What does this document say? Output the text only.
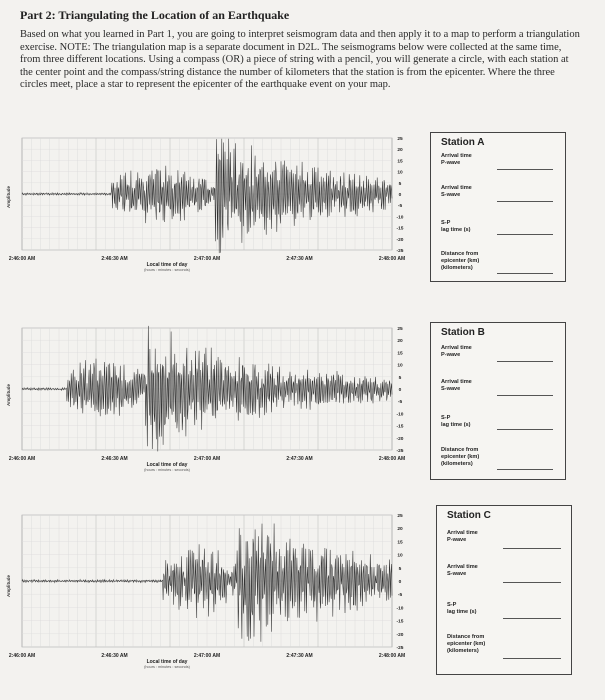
Part 2: Triangulating the Location of an Earthquake
Based on what you learned in Part 1, you are going to interpret seismogram data and then apply it to a map to perform a triangulation exercise. NOTE: The triangulation map is a separate document in D2L. The seismograms below were collected at the same time, from three different locations. Using a compass (OR) a piece of string with a pencil, you will generate a circle, with each station at the center point and the compass/string distance the number of kilometers that the station is from the epicenter. Where the three circles meet, place a star to represent the epicenter of the earthquake event on your map.
25
20
15
10
5
0
-5
-10
-15
-20
-25
2:46:00 AM	2:46:30 AM	2:47:00 AM	2:47:30 AM	2:48:00 AM
Local time of day
(hours : minutes : seconds)
Amplitude
Station A
Arrival time
P-wave
Arrival time
S-wave
S-P
lag time (s)
Distance from
epicenter (km)
(kilometers)
25
20
15
10
5
0
-5
-10
-15
-20
-25
2:46:00 AM	2:46:30 AM	2:47:00 AM	2:47:30 AM	2:48:00 AM
Local time of day
(hours : minutes : seconds)
Amplitude
Station B
Arrival time
P-wave
Arrival time
S-wave
S-P
lag time (s)
Distance from
epicenter (km)
(kilometers)
25
20
15
10
5
0
-5
-10
-15
-20
-25
2:46:00 AM	2:46:30 AM	2:47:00 AM	2:47:30 AM	2:48:00 AM
Local time of day
(hours : minutes : seconds)
Amplitude
Station C
Arrival time
P-wave
Arrival time
S-wave
S-P
lag time (s)
Distance from
epicenter (km)
(kilometers)
